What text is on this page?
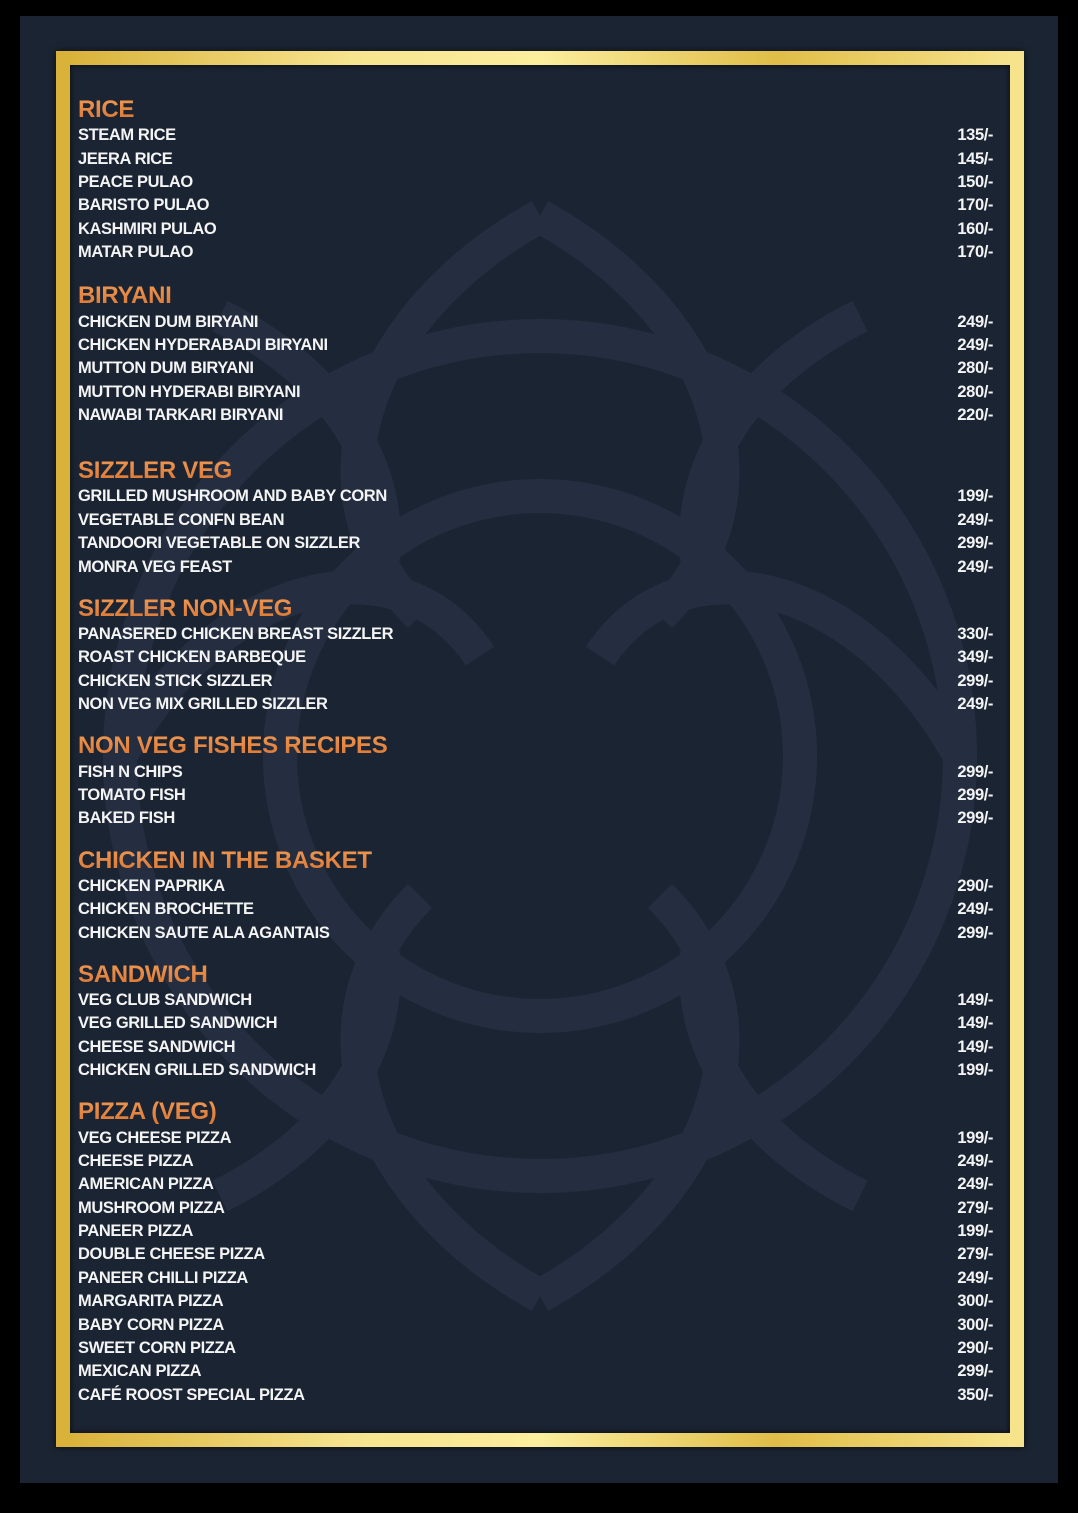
RICE
STEAM RICE	135/-
JEERA RICE	145/-
PEACE PULAO	150/-
BARISTO PULAO	170/-
KASHMIRI PULAO	160/-
MATAR PULAO	170/-
BIRYANI
CHICKEN DUM BIRYANI	249/-
CHICKEN HYDERABADI BIRYANI	249/-
MUTTON DUM BIRYANI	280/-
MUTTON HYDERABI BIRYANI	280/-
NAWABI TARKARI BIRYANI	220/-
SIZZLER VEG
GRILLED MUSHROOM AND BABY CORN	199/-
VEGETABLE CONFN BEAN	249/-
TANDOORI VEGETABLE ON SIZZLER	299/-
MONRA VEG FEAST	249/-
SIZZLER NON-VEG
PANASERED CHICKEN BREAST SIZZLER	330/-
ROAST CHICKEN BARBEQUE	349/-
CHICKEN STICK SIZZLER	299/-
NON VEG MIX GRILLED SIZZLER	249/-
NON VEG FISHES RECIPES
FISH N CHIPS	299/-
TOMATO FISH	299/-
BAKED FISH	299/-
CHICKEN IN THE BASKET
CHICKEN PAPRIKA	290/-
CHICKEN BROCHETTE	249/-
CHICKEN SAUTE ALA AGANTAIS	299/-
SANDWICH
VEG CLUB SANDWICH	149/-
VEG GRILLED SANDWICH	149/-
CHEESE SANDWICH	149/-
CHICKEN GRILLED SANDWICH	199/-
PIZZA (VEG)
VEG CHEESE PIZZA	199/-
CHEESE PIZZA	249/-
AMERICAN PIZZA	249/-
MUSHROOM PIZZA	279/-
PANEER PIZZA	199/-
DOUBLE CHEESE PIZZA	279/-
PANEER CHILLI PIZZA	249/-
MARGARITA PIZZA	300/-
BABY CORN PIZZA	300/-
SWEET CORN PIZZA	290/-
MEXICAN PIZZA	299/-
CAFÉ ROOST SPECIAL PIZZA	350/-
